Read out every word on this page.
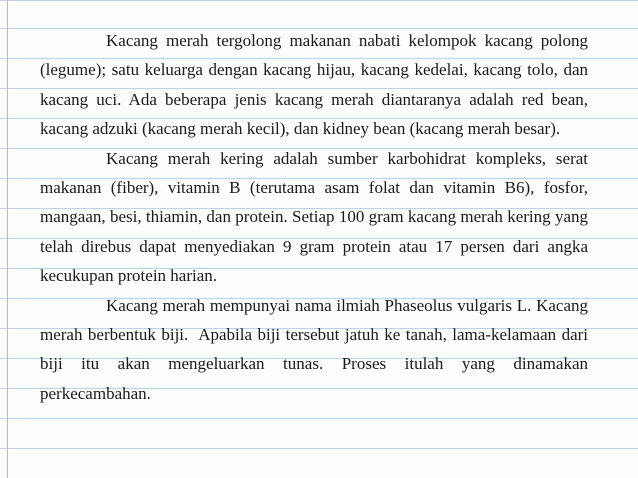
Kacang merah tergolong makanan nabati kelompok kacang polong (legume); satu keluarga dengan kacang hijau, kacang kedelai, kacang tolo, dan kacang uci. Ada beberapa jenis kacang merah diantaranya adalah red bean, kacang adzuki (kacang merah kecil), dan kidney bean (kacang merah besar).

Kacang merah kering adalah sumber karbohidrat kompleks, serat makanan (fiber), vitamin B (terutama asam folat dan vitamin B6), fosfor, mangaan, besi, thiamin, dan protein. Setiap 100 gram kacang merah kering yang telah direbus dapat menyediakan 9 gram protein atau 17 persen dari angka kecukupan protein harian.

Kacang merah mempunyai nama ilmiah Phaseolus vulgaris L. Kacang merah berbentuk biji.  Apabila biji tersebut jatuh ke tanah, lama-kelamaan dari biji itu akan mengeluarkan tunas. Proses itulah yang dinamakan perkecambahan.
